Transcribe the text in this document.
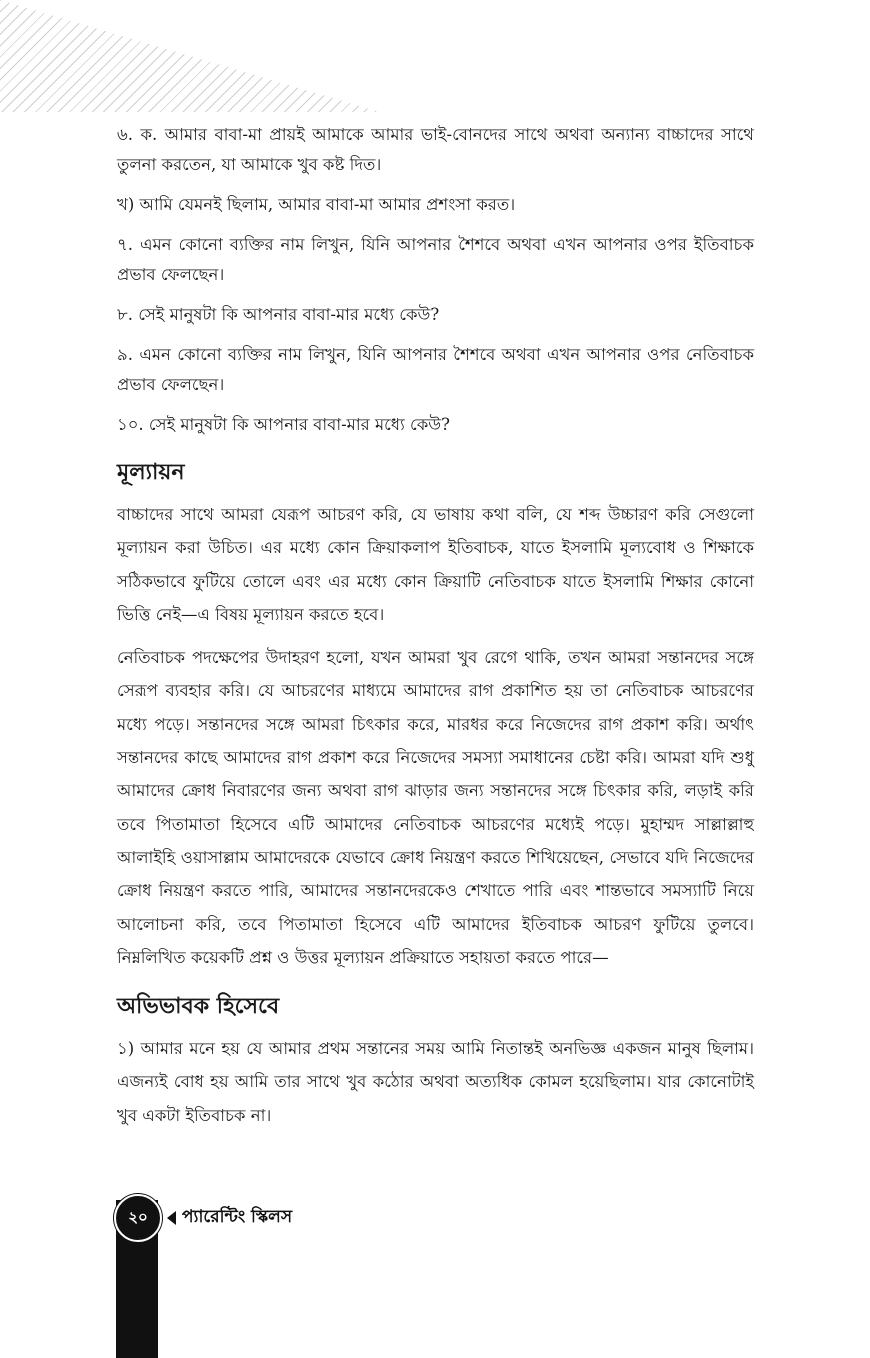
৬. ক. আমার বাবা-মা প্রায়ই আমাকে আমার ভাই-বোনদের সাথে অথবা অন্যান্য বাচ্চাদের সাথে তুলনা করতেন, যা আমাকে খুব কষ্ট দিত।

খ) আমি যেমনই ছিলাম, আমার বাবা-মা আমার প্রশংসা করত।

৭. এমন কোনো ব্যক্তির নাম লিখুন, যিনি আপনার শৈশবে অথবা এখন আপনার ওপর ইতিবাচক প্রভাব ফেলছেন।

৮. সেই মানুষটা কি আপনার বাবা-মার মধ্যে কেউ?

৯. এমন কোনো ব্যক্তির নাম লিখুন, যিনি আপনার শৈশবে অথবা এখন আপনার ওপর নেতিবাচক প্রভাব ফেলছেন।

১০. সেই মানুষটা কি আপনার বাবা-মার মধ্যে কেউ?

মূল্যায়ন

বাচ্চাদের সাথে আমরা যেরূপ আচরণ করি, যে ভাষায় কথা বলি, যে শব্দ উচ্চারণ করি সেগুলো মূল্যায়ন করা উচিত। এর মধ্যে কোন ক্রিয়াকলাপ ইতিবাচক, যাতে ইসলামি মূল্যবোধ ও শিক্ষাকে সঠিকভাবে ফুটিয়ে তোলে এবং এর মধ্যে কোন ক্রিয়াটি নেতিবাচক যাতে ইসলামি শিক্ষার কোনো ভিত্তি নেই—এ বিষয় মূল্যায়ন করতে হবে।

নেতিবাচক পদক্ষেপের উদাহরণ হলো, যখন আমরা খুব রেগে থাকি, তখন আমরা সন্তানদের সঙ্গে সেরূপ ব্যবহার করি। যে আচরণের মাধ্যমে আমাদের রাগ প্রকাশিত হয় তা নেতিবাচক আচরণের মধ্যে পড়ে। সন্তানদের সঙ্গে আমরা চিৎকার করে, মারধর করে নিজেদের রাগ প্রকাশ করি। অর্থাৎ সন্তানদের কাছে আমাদের রাগ প্রকাশ করে নিজেদের সমস্যা সমাধানের চেষ্টা করি। আমরা যদি শুধু আমাদের ক্রোধ নিবারণের জন্য অথবা রাগ ঝাড়ার জন্য সন্তানদের সঙ্গে চিৎকার করি, লড়াই করি তবে পিতামাতা হিসেবে এটি আমাদের নেতিবাচক আচরণের মধ্যেই পড়ে। মুহাম্মদ সাল্লাল্লাহু আলাইহি ওয়াসাল্লাম আমাদেরকে যেভাবে ক্রোধ নিয়ন্ত্রণ করতে শিখিয়েছেন, সেভাবে যদি নিজেদের ক্রোধ নিয়ন্ত্রণ করতে পারি, আমাদের সন্তানদেরকেও শেখাতে পারি এবং শান্তভাবে সমস্যাটি নিয়ে আলোচনা করি, তবে পিতামাতা হিসেবে এটি আমাদের ইতিবাচক আচরণ ফুটিয়ে তুলবে। নিম্নলিখিত কয়েকটি প্রশ্ন ও উত্তর মূল্যায়ন প্রক্রিয়াতে সহায়তা করতে পারে—

অভিভাবক হিসেবে

১) আমার মনে হয় যে আমার প্রথম সন্তানের সময় আমি নিতান্তই অনভিজ্ঞ একজন মানুষ ছিলাম। এজন্যই বোধ হয় আমি তার সাথে খুব কঠোর অথবা অত্যধিক কোমল হয়েছিলাম। যার কোনোটাই খুব একটা ইতিবাচক না।

২০	প্যারেন্টিং স্কিলস
